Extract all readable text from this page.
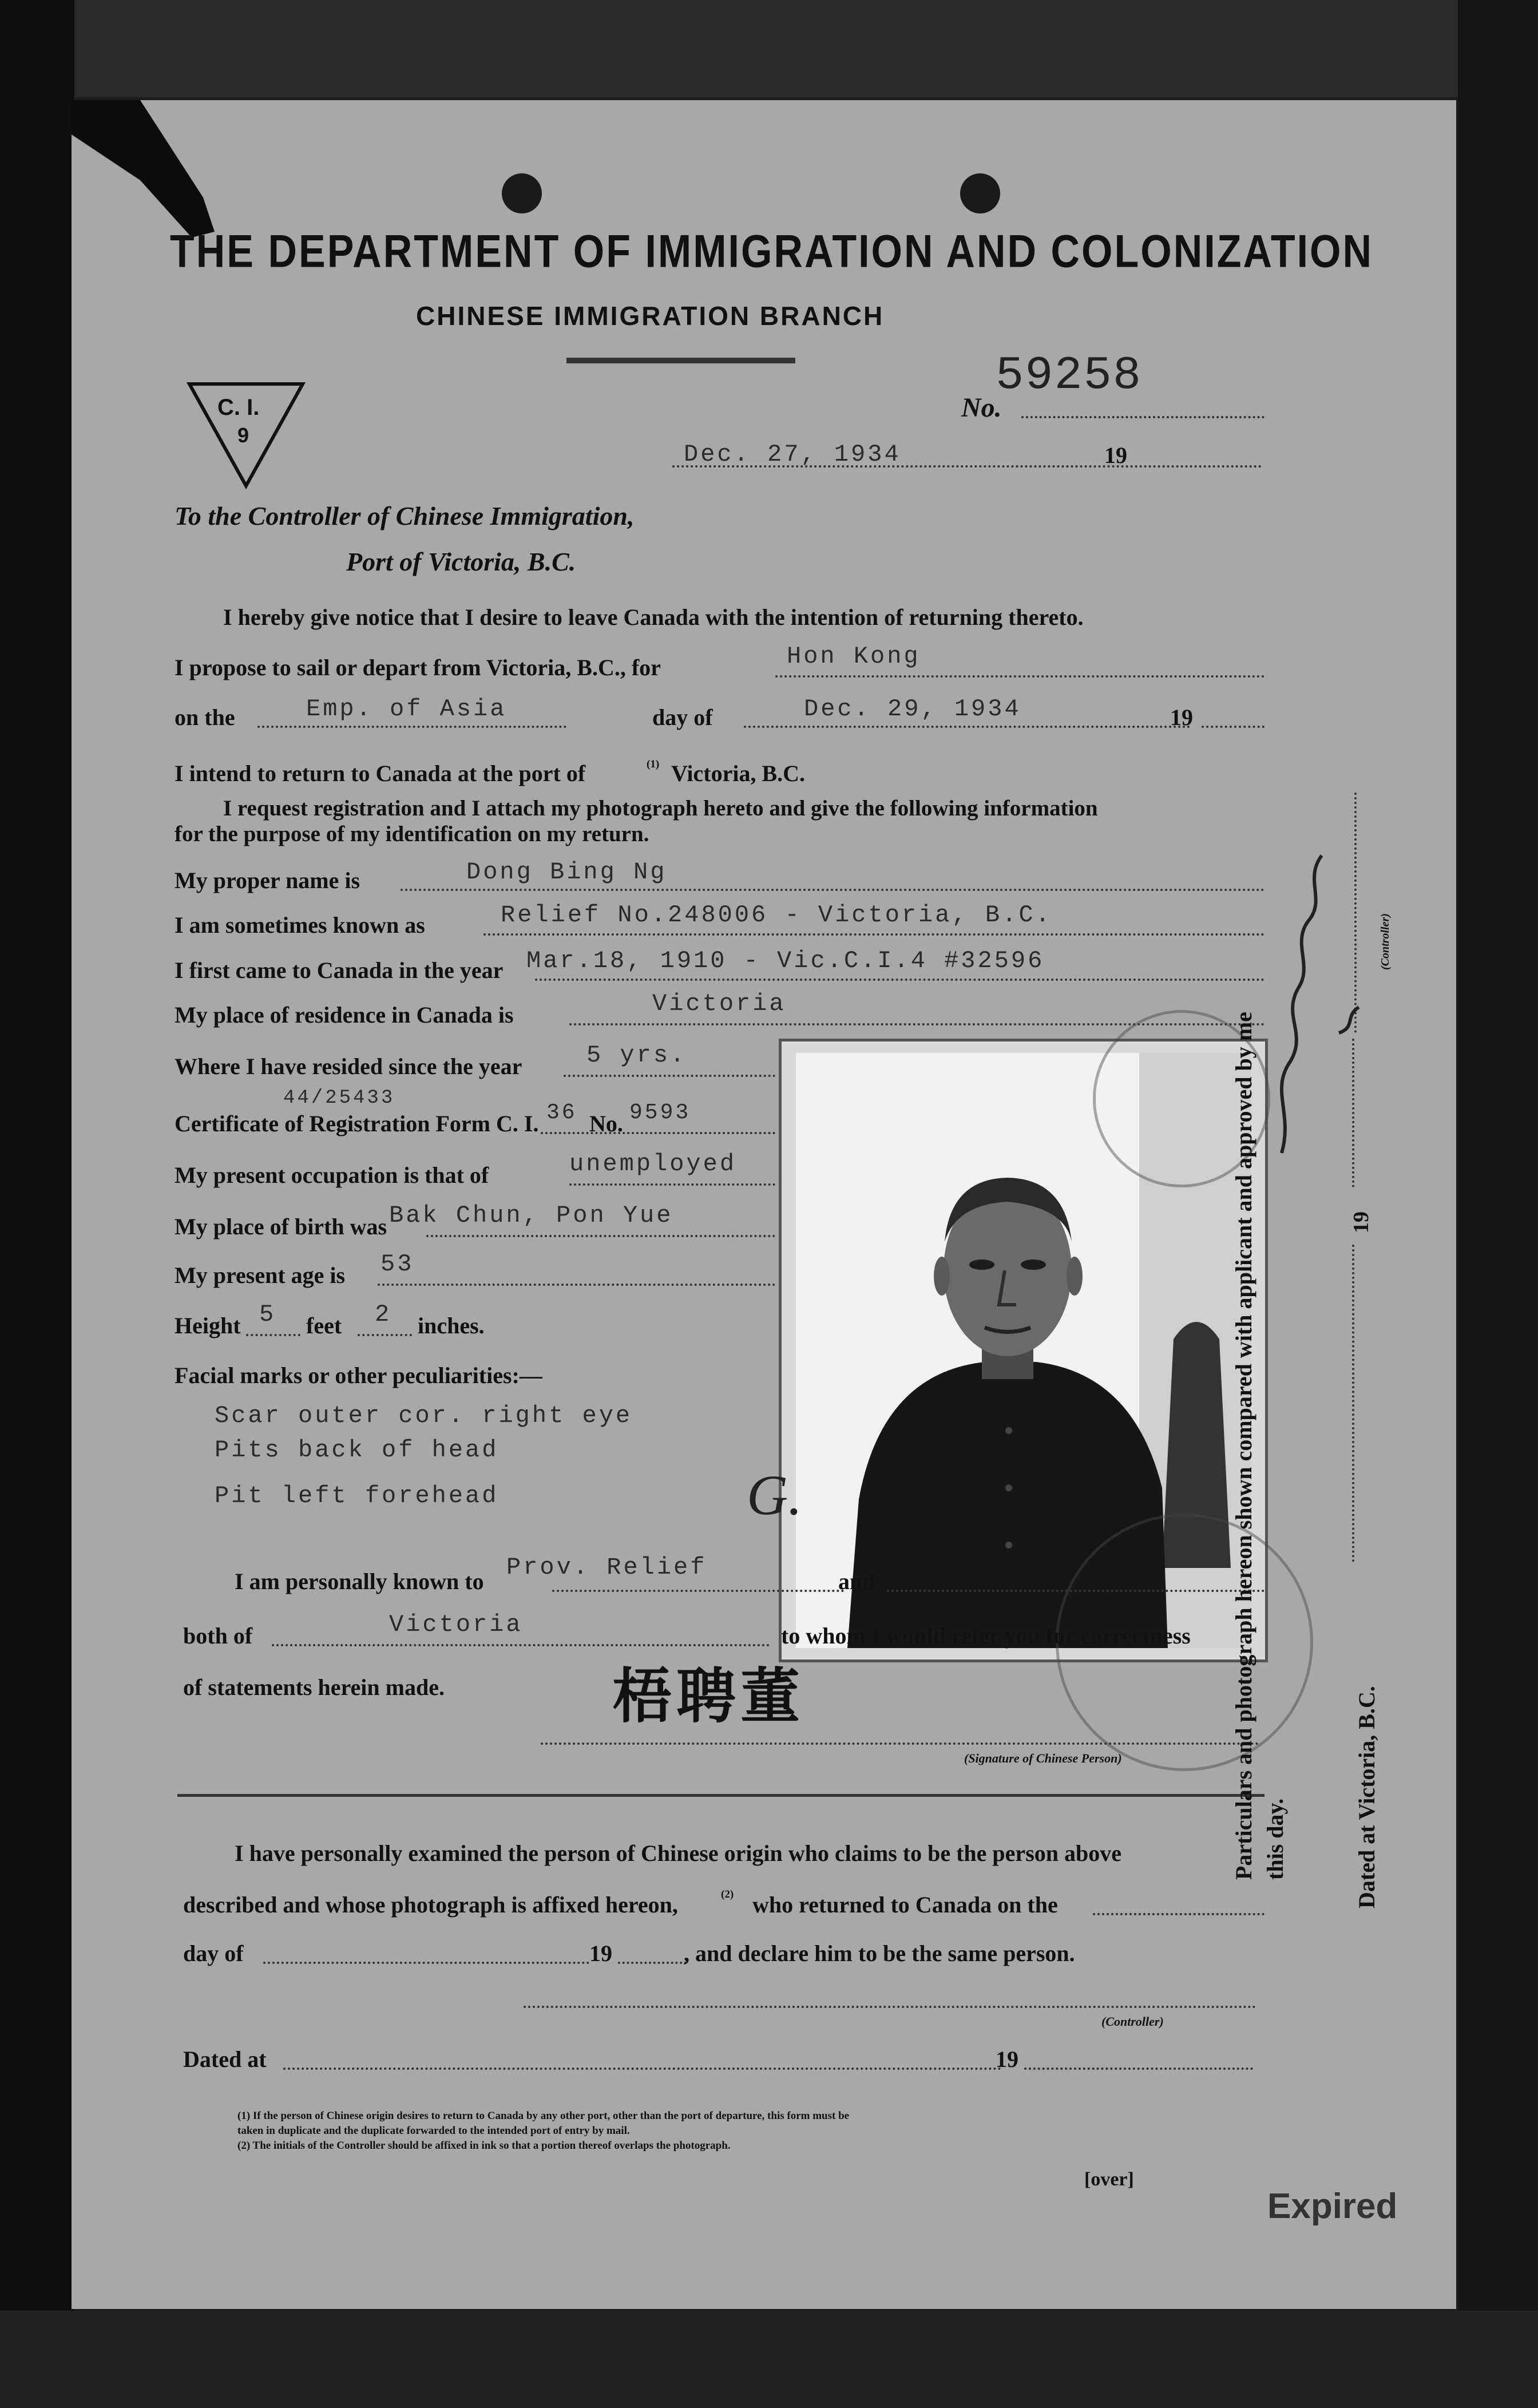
THE DEPARTMENT OF IMMIGRATION AND COLONIZATION
CHINESE IMMIGRATION BRANCH
C. I.
9
59258
No.
Dec. 27, 1934	19
To the Controller of Chinese Immigration,
Port of Victoria, B.C.
I hereby give notice that I desire to leave Canada with the intention of returning thereto.
I propose to sail or depart from Victoria, B.C., for	Hon Kong
on the	Emp. of Asia	day of	Dec. 29, 1934	19
I intend to return to Canada at the port of	(1) Victoria, B.C.
I request registration and I attach my photograph hereto and give the following information
for the purpose of my identification on my return.
My proper name is	Dong Bing Ng
I am sometimes known as	Relief No.248006 - Victoria, B.C.
I first came to Canada in the year Mar.18, 1910 - Vic.C.I.4 #32596
My place of residence in Canada is	Victoria
Where I have resided since the year	5 yrs.
44/25433
Certificate of Registration Form C. I. 36 No. 9593
My present occupation is that of	unemployed
My place of birth was Bak Chun, Pon Yue
My present age is 53
Height 5 feet 2 inches.
Facial marks or other peculiarities:—
Scar outer cor. right eye
Pits back of head
Pit left forehead	G.
I am personally known to
Prov. Relief
and
both of	Victoria	to whom I would refer you for correctness
of statements herein made.	梧聘董
(Signature of Chinese Person)
I have personally examined the person of Chinese origin who claims to be the person above
described and whose photograph is affixed hereon,	(2) who returned to Canada on the
day of	19	, and declare him to be the same person.
(Controller)
Dated at	19
(1) If the person of Chinese origin desires to return to Canada by any other port, other than the port of departure, this form must be
taken in duplicate and the duplicate forwarded to the intended port of entry by mail.
(2) The initials of the Controller should be affixed in ink so that a portion thereof overlaps the photograph.
[over]
Expired
Particulars and photograph hereon shown compared with applicant and approved by me this day.	Dated at Victoria, B.C.
19
(Controller)
